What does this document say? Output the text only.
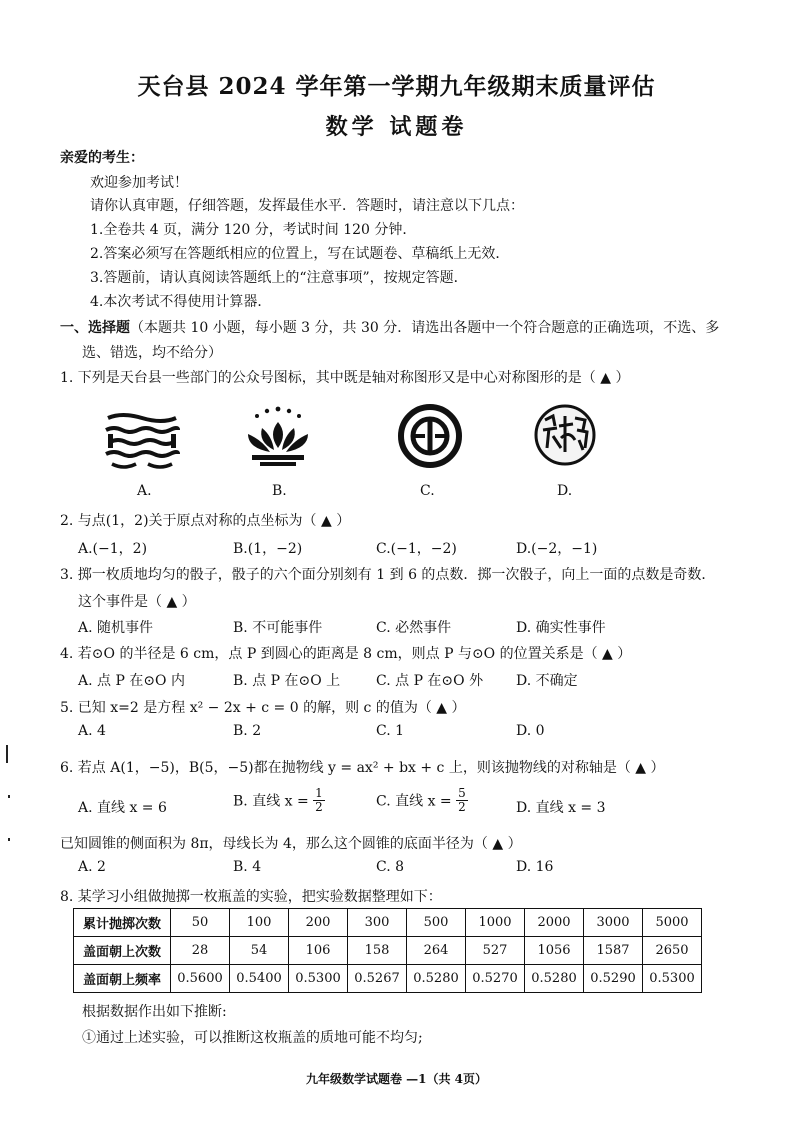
天台县 2024 学年第一学期九年级期末质量评估
数学 试题卷
亲爱的考生：
欢迎参加考试！
请你认真审题，仔细答题，发挥最佳水平．答题时，请注意以下几点：
1.全卷共 4 页，满分 120 分，考试时间 120 分钟．
2.答案必须写在答题纸相应的位置上，写在试题卷、草稿纸上无效．
3.答题前，请认真阅读答题纸上的“注意事项”，按规定答题．
4.本次考试不得使用计算器．
一、选择题（本题共 10 小题，每小题 3 分，共 30 分．请选出各题中一个符合题意的正确选项，不选、多
选、错选，均不给分）
1. 下列是天台县一些部门的公众号图标，其中既是轴对称图形又是中心对称图形的是（ ▲ ）
A.	B.	C.	D.
2. 与点(1，2)关于原点对称的点坐标为（ ▲ ）
A.(−1，2)	B.(1，−2)	C.(−1，−2)	D.(−2，−1)
3. 掷一枚质地均匀的骰子，骰子的六个面分别刻有 1 到 6 的点数．掷一次骰子，向上一面的点数是奇数．
这个事件是（ ▲ ）
A. 随机事件	B. 不可能事件	C. 必然事件	D. 确实性事件
4. 若⊙O 的半径是 6 cm，点 P 到圆心的距离是 8 cm，则点 P 与⊙O 的位置关系是（ ▲ ）
A. 点 P 在⊙O 内	B. 点 P 在⊙O 上	C. 点 P 在⊙O 外 D. 不确定
5. 已知 x=2 是方程 x² − 2x + c = 0 的解，则 c 的值为（ ▲ ）
A. 4	B. 2	C. 1	D. 0
6. 若点 A(1，−5)，B(5，−5)都在抛物线 y = ax² + bx + c 上，则该抛物线的对称轴是（ ▲ ）
A. 直线 x = 6	B. 直线 $x = \frac{1}{2}$	C. 直线 $x = \frac{5}{2}$	D. 直线 x = 3
已知圆锥的侧面积为 8π，母线长为 4，那么这个圆锥的底面半径为（ ▲ ）
A. 2	B. 4	C. 8	D. 16
8. 某学习小组做抛掷一枚瓶盖的实验，把实验数据整理如下：
累计抛掷次数	50	100	200	300	500	1000	2000	3000	5000
盖面朝上次数	28	54	106	158	264	527	1056	1587	2650
盖面朝上频率	0.5600	0.5400	0.5300	0.5267	0.5280	0.5270	0.5280	0.5290	0.5300
根据数据作出如下推断:
①通过上述实验，可以推断这枚瓶盖的质地可能不均匀;
九年级数学试题卷 —1（共 4页）
